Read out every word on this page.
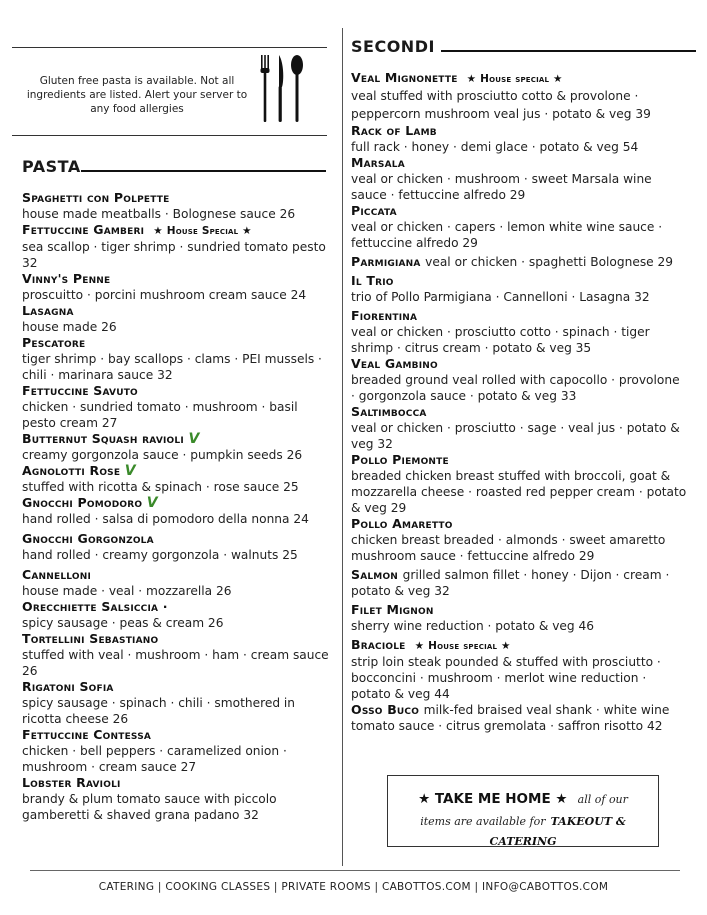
Gluten free pasta is available. Not all ingredients are listed. Alert your server to any food allergies
PASTA
SECONDI
Spaghetti con Polpette
house made meatballs · Bolognese sauce 26
Fettuccine Gamberi ★ House Special ★
sea scallop · tiger shrimp · sundried tomato pesto 32
Vinny's Penne
proscuitto · porcini mushroom cream sauce 24
Lasagna
house made 26
Pescatore
tiger shrimp · bay scallops · clams · PEI mussels · chili · marinara sauce 32
Fettuccine Savuto
chicken · sundried tomato · mushroom · basil pesto cream 27
Butternut Squash ravioli V
creamy gorgonzola sauce · pumpkin seeds 26
Agnolotti Rose V
stuffed with ricotta & spinach · rose sauce 25
Gnocchi Pomodoro V
hand rolled · salsa di pomodoro della nonna 24
Gnocchi Gorgonzola
hand rolled · creamy gorgonzola · walnuts 25
Cannelloni
house made · veal · mozzarella 26
Orecchiette Salsiccia ·
spicy sausage · peas & cream 26
Tortellini Sebastiano
stuffed with veal · mushroom · ham · cream sauce 26
Rigatoni Sofia
spicy sausage · spinach · chili · smothered in ricotta cheese 26
Fettuccine Contessa
chicken · bell peppers · caramelized onion · mushroom · cream sauce 27
Lobster Ravioli
brandy & plum tomato sauce with piccolo gamberetti & shaved grana padano 32
Veal Mignonette ★ House special ★
veal stuffed with prosciutto cotto & provolone · peppercorn mushroom veal jus · potato & veg 39
Rack of Lamb
full rack · honey · demi glace · potato & veg 54
Marsala
veal or chicken · mushroom · sweet Marsala wine sauce · fettuccine alfredo 29
Piccata
veal or chicken · capers · lemon white wine sauce · fettuccine alfredo 29
Parmigiana veal or chicken · spaghetti Bolognese 29
Il Trio
trio of Pollo Parmigiana · Cannelloni · Lasagna 32
Fiorentina
veal or chicken · prosciutto cotto · spinach · tiger shrimp · citrus cream · potato & veg 35
Veal Gambino
breaded ground veal rolled with capocollo · provolone · gorgonzola sauce · potato & veg 33
Saltimbocca
veal or chicken · prosciutto · sage · veal jus · potato & veg 32
Pollo Piemonte
breaded chicken breast stuffed with broccoli, goat & mozzarella cheese · roasted red pepper cream · potato & veg 29
Pollo Amaretto
chicken breast breaded · almonds · sweet amaretto mushroom sauce · fettuccine alfredo 29
Salmon grilled salmon fillet · honey · Dijon · cream ·
potato & veg 32
Filet Mignon
sherry wine reduction · potato & veg 46
Braciole ★ House special ★
strip loin steak pounded & stuffed with prosciutto · bocconcini · mushroom · merlot wine reduction · potato & veg 44
Osso Buco milk-fed braised veal shank · white wine
tomato sauce · citrus gremolata · saffron risotto 42
★ TAKE ME HOME ★ all of our
items are available for TAKEOUT &
CATERING
CATERING | COOKING CLASSES | PRIVATE ROOMS | CABOTTOS.COM | INFO@CABOTTOS.COM
